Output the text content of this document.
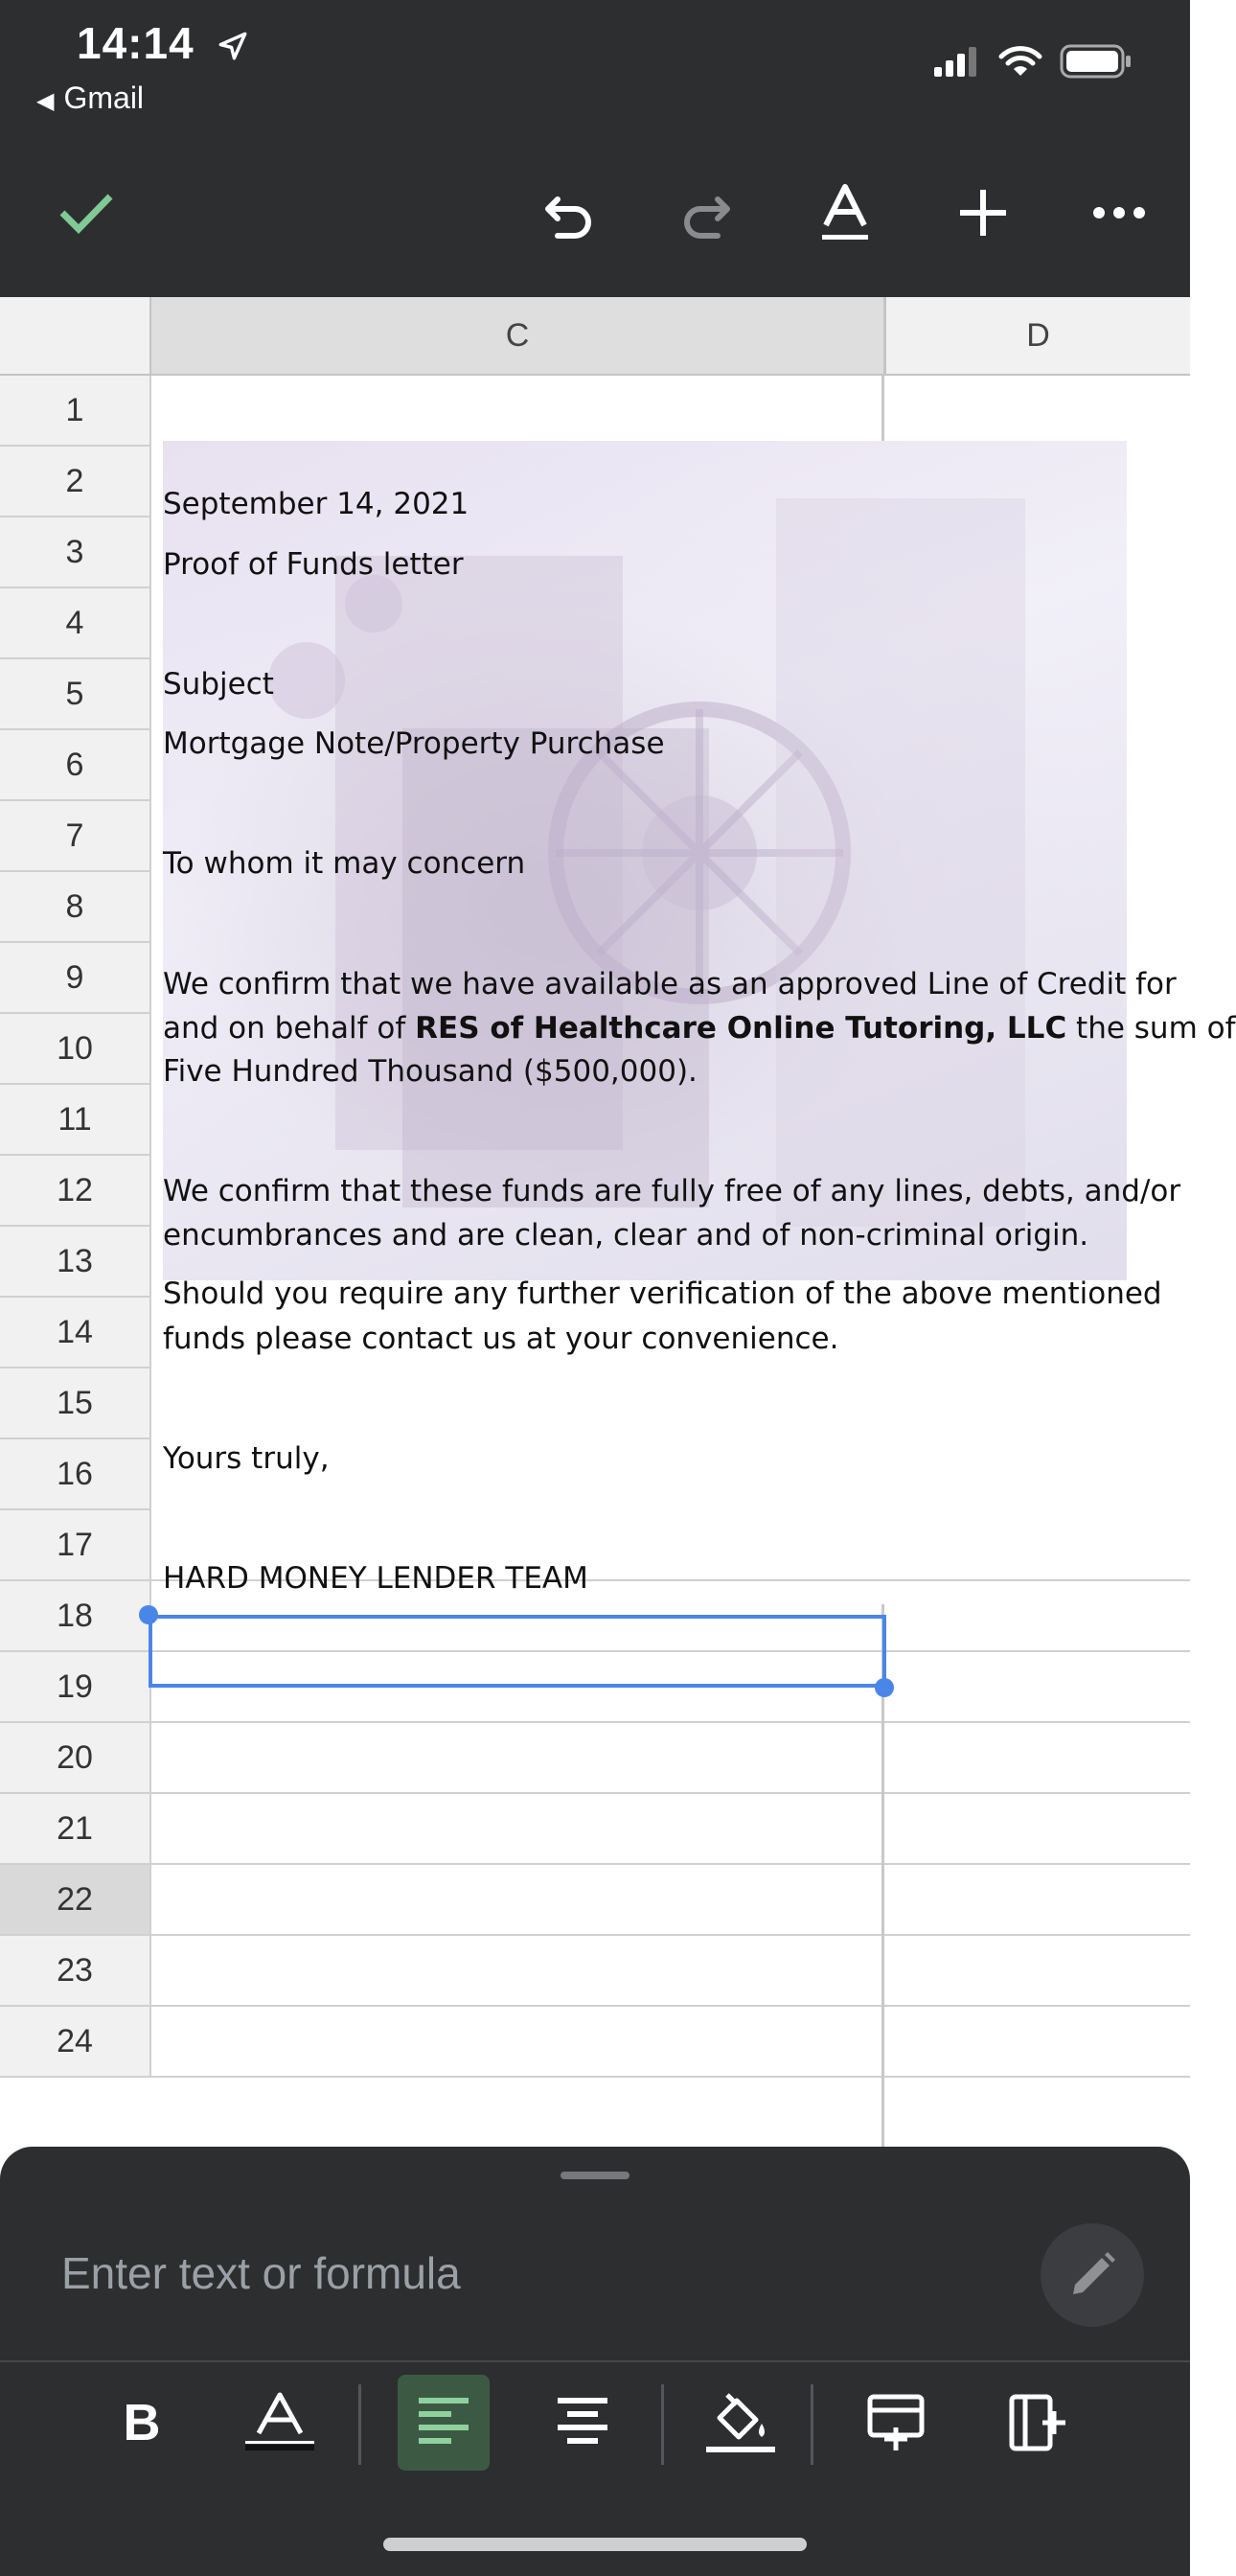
14:14
◀ Gmail

C	D
1
2
3
4
5
6
7
8
9
10
11
12
13
14
15
16
17
18
19
20
21
22
23
24
September 14, 2021
Proof of Funds letter
Subject
Mortgage Note/Property Purchase
To whom it may concern
We confirm that we have available as an approved Line of Credit for
and on behalf of RES of Healthcare Online Tutoring, LLC the sum of
Five Hundred Thousand ($500,000).
We confirm that these funds are fully free of any lines, debts, and/or
encumbrances and are clean, clear and of non-criminal origin.
Should you require any further verification of the above mentioned
funds please contact us at your convenience.
Yours truly,
HARD MONEY LENDER TEAM
Enter text or formula
B
